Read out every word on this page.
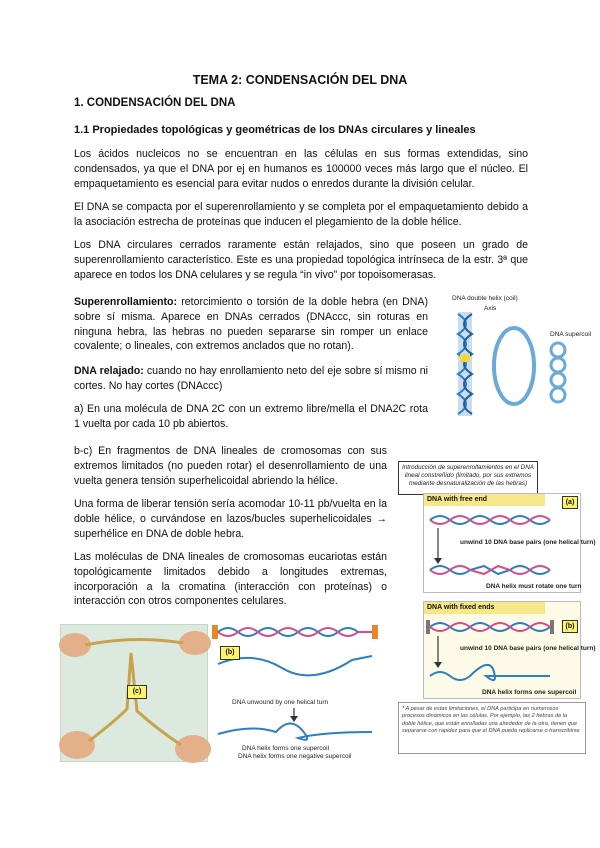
TEMA 2: CONDENSACIÓN DEL DNA
1. CONDENSACIÓN DEL DNA
1.1 Propiedades topológicas y geométricas de los DNAs circulares y lineales
Los ácidos nucleicos no se encuentran en las células en sus formas extendidas, sino condensados, ya que el DNA por ej en humanos es 100000 veces más largo que el núcleo. El empaquetamiento es esencial para evitar nudos o enredos durante la división celular.
El DNA se compacta por el superenrollamiento y se completa por el empaquetamiento debido a la asociación estrecha de proteínas que inducen el plegamiento de la doble hélice.
Los DNA circulares cerrados raramente están relajados, sino que poseen un grado de superenrollamiento característico. Este es una propiedad topológica intrínseca de la estr. 3ª que aparece en todos los DNA celulares y se regula “in vivo” por topoisomerasas.
Superenrollamiento: retorcimiento o torsión de la doble hebra (en DNA) sobre sí misma. Aparece en DNAs cerrados (DNAccc, sin roturas en ninguna hebra, las hebras no pueden separarse sin romper un enlace covalente; o lineales, con extremos anclados que no rotan).
DNA relajado: cuando no hay enrollamiento neto del eje sobre sí mismo ni cortes. No hay cortes (DNAccc)
a) En una molécula de DNA 2C con un extremo libre/mella el DNA2C rota 1 vuelta por cada 10 pb abiertos.
b-c) En fragmentos de DNA lineales de cromosomas con sus extremos limitados (no pueden rotar) el desenrollamiento de una vuelta genera tensión superhelicoidal abriendo la hélice.
Una forma de liberar tensión sería acomodar 10-11 pb/vuelta en la doble hélice, o curvándose en lazos/bucles superhelicoidales → superhélice en DNA de doble hebra.
Las moléculas de DNA lineales de cromosomas eucariotas están topológicamente limitados debido a longitudes extremas, incorporación a la cromatina (interacción con proteínas) o interacción con otros componentes celulares.
DNA double helix (coil)
Axis
DNA supercoil
Introducción de superenrollamientos en el DNA lineal constreñido (limitado, por sus extremos mediante desnaturalización de las hebras)
DNA with free end	(a)
unwind 10 DNA base pairs (one helical turn)
DNA helix must rotate one turn
DNA with fixed ends
(b)
unwind 10 DNA base pairs (one helical turn)
DNA helix forms one supercoil
* A pesar de estas limitaciones, el DNA participa en numerosos procesos dinámicos en las células. Por ejemplo, las 2 hebras de la doble hélice, que están enrolladas una alrededor de la otra, tienen que separarse con rapidez para que el DNA pueda replicarse o transcribirse
(c)
DNA unwound by one helical turn
DNA helix forms one supercoil
DNA helix forms one negative supercoil
(b)
